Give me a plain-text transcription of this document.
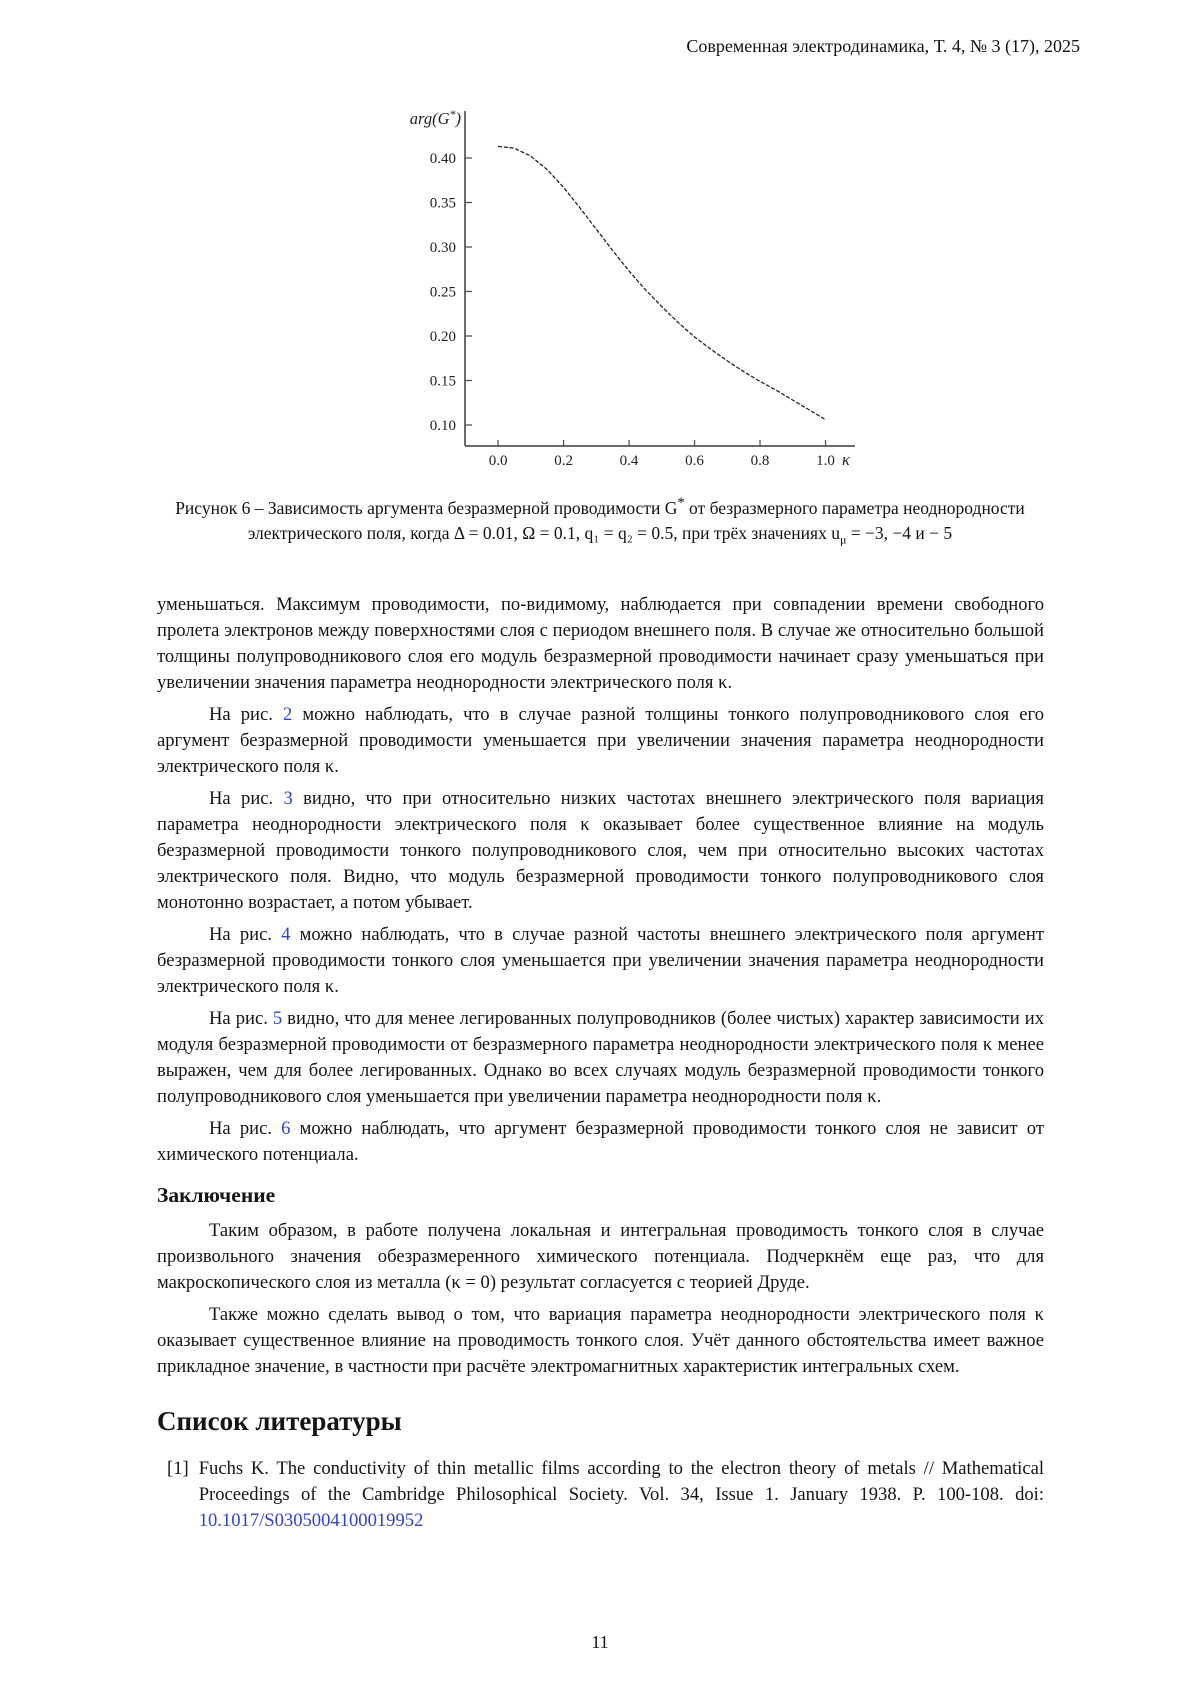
Современная электродинамика, Т. 4, № 3 (17), 2025
0.0	0.2	0.4	0.6	0.8	1.0
0.10
0.15
0.20
0.25
0.30
0.35
0.40
arg(G*)
κ
Рисунок 6 – Зависимость аргумента безразмерной проводимости G* от безразмерного параметра неоднородности
электрического поля, когда Δ = 0.01, Ω = 0.1, q₁ = q₂ = 0.5, при трёх значениях $u_\mu = -3$, −4 и − 5

уменьшаться. Максимум проводимости, по-видимому, наблюдается при совпадении времени свободного пролета электронов между поверхностями слоя с периодом внешнего поля. В случае же относительно большой толщины полупроводникового слоя его модуль безразмерной проводимости начинает сразу уменьшаться при увеличении значения параметра неоднородности электрического поля κ.

На рис. 2 можно наблюдать, что в случае разной толщины тонкого полупроводникового слоя его аргумент безразмерной проводимости уменьшается при увеличении значения параметра неоднородности электрического поля κ.

На рис. 3 видно, что при относительно низких частотах внешнего электрического поля вариация параметра неоднородности электрического поля κ оказывает более существенное влияние на модуль безразмерной проводимости тонкого полупроводникового слоя, чем при относительно высоких частотах электрического поля. Видно, что модуль безразмерной проводимости тонкого полупроводникового слоя монотонно возрастает, а потом убывает.

На рис. 4 можно наблюдать, что в случае разной частоты внешнего электрического поля аргумент безразмерной проводимости тонкого слоя уменьшается при увеличении значения параметра неоднородности электрического поля κ.

На рис. 5 видно, что для менее легированных полупроводников (более чистых) характер зависимости их модуля безразмерной проводимости от безразмерного параметра неоднородности электрического поля κ менее выражен, чем для более легированных. Однако во всех случаях модуль безразмерной проводимости тонкого полупроводникового слоя уменьшается при увеличении параметра неоднородности поля κ.

На рис. 6 можно наблюдать, что аргумент безразмерной проводимости тонкого слоя не зависит от химического потенциала.

Заключение

Таким образом, в работе получена локальная и интегральная проводимость тонкого слоя в случае произвольного значения обезразмеренного химического потенциала. Подчеркнём еще раз, что для макроскопического слоя из металла (κ = 0) результат согласуется с теорией Друде.

Также можно сделать вывод о том, что вариация параметра неоднородности электрического поля κ оказывает существенное влияние на проводимость тонкого слоя. Учёт данного обстоятельства имеет важное прикладное значение, в частности при расчёте электромагнитных характеристик интегральных схем.

Список литературы
[1] Fuchs K. The conductivity of thin metallic films according to the electron theory of metals // Mathematical Proceedings of the Cambridge Philosophical Society. Vol. 34, Issue 1. January 1938. P. 100-108. doi: 10.1017/S0305004100019952
11
